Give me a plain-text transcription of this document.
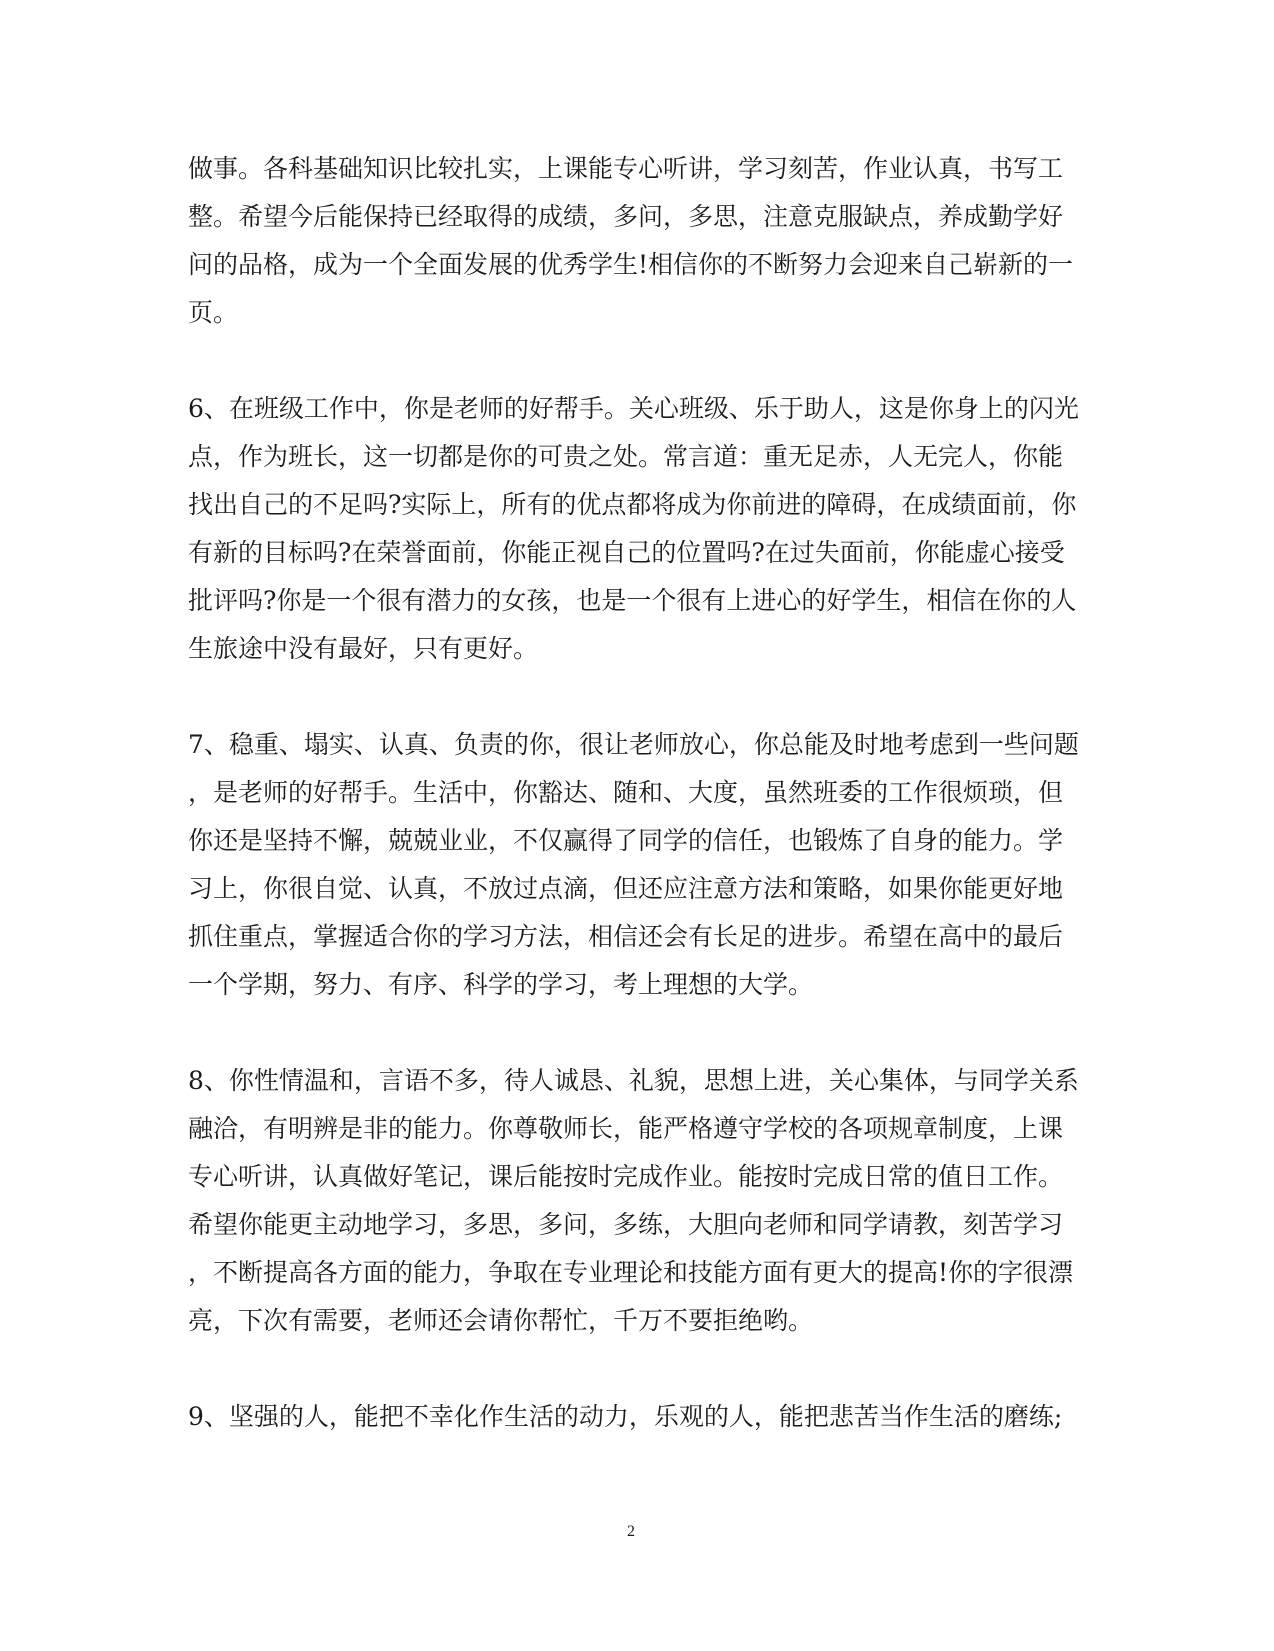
做事。各科基础知识比较扎实，上课能专心听讲，学习刻苦，作业认真，书写工
整。希望今后能保持已经取得的成绩，多问，多思，注意克服缺点，养成勤学好
问的品格，成为一个全面发展的优秀学生!相信你的不断努力会迎来自己崭新的一
页。
6、在班级工作中，你是老师的好帮手。关心班级、乐于助人，这是你身上的闪光
点，作为班长，这一切都是你的可贵之处。常言道：重无足赤，人无完人，你能
找出自己的不足吗?实际上，所有的优点都将成为你前进的障碍，在成绩面前，你
有新的目标吗?在荣誉面前，你能正视自己的位置吗?在过失面前，你能虚心接受
批评吗?你是一个很有潜力的女孩，也是一个很有上进心的好学生，相信在你的人
生旅途中没有最好，只有更好。
7、稳重、塌实、认真、负责的你，很让老师放心，你总能及时地考虑到一些问题
，是老师的好帮手。生活中，你豁达、随和、大度，虽然班委的工作很烦琐，但
你还是坚持不懈，兢兢业业，不仅赢得了同学的信任，也锻炼了自身的能力。学
习上，你很自觉、认真，不放过点滴，但还应注意方法和策略，如果你能更好地
抓住重点，掌握适合你的学习方法，相信还会有长足的进步。希望在高中的最后
一个学期，努力、有序、科学的学习，考上理想的大学。
8、你性情温和，言语不多，待人诚恳、礼貌，思想上进，关心集体，与同学关系
融洽，有明辨是非的能力。你尊敬师长，能严格遵守学校的各项规章制度，上课
专心听讲，认真做好笔记，课后能按时完成作业。能按时完成日常的值日工作。
希望你能更主动地学习，多思，多问，多练，大胆向老师和同学请教，刻苦学习
，不断提高各方面的能力，争取在专业理论和技能方面有更大的提高!你的字很漂
亮，下次有需要，老师还会请你帮忙，千万不要拒绝哟。
9、坚强的人，能把不幸化作生活的动力，乐观的人，能把悲苦当作生活的磨练;
2
